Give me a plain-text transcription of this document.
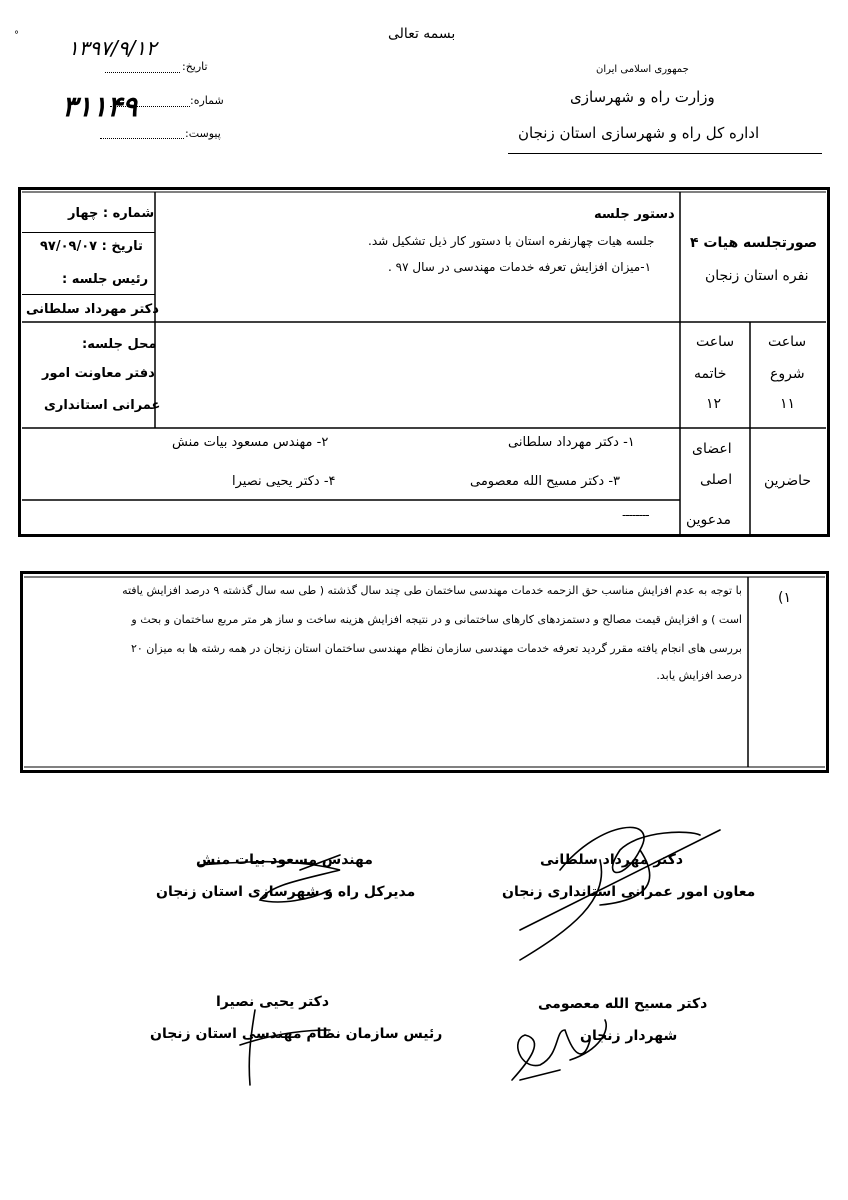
°	بسمه تعالی
۱۳۹۷/۹/۱۲
تاریخ:
۳۱۱۴۹	شماره:
پیوست:
جمهوری اسلامی ایران
وزارت راه و شهرسازی
اداره کل راه و شهرسازی استان زنجان
صورتجلسه هیات ۴
نفره استان زنجان
دستور جلسه
جلسه هیات چهارنفره استان با دستور کار ذیل تشکیل شد.
۱-میزان افزایش تعرفه خدمات مهندسی در سال ۹۷ .
شماره : چهار
تاریخ : ۹۷/۰۹/۰۷
رئیس جلسه :
دکتر مهرداد سلطانی
محل جلسه:
دفتر معاونت امور
عمرانی استانداری
ساعت
شروع
۱۱
ساعت
خاتمه
۱۲
حاضرین
اعضای
اصلی
مدعوین
۱- دکتر مهرداد سلطانی
۲- مهندس مسعود بیات منش
۳- دکتر مسیح الله معصومی
۴- دکتر یحیی نصیرا
--------
۱)
با توجه به عدم افزایش مناسب حق الزحمه خدمات مهندسی ساختمان طی چند سال گذشته ( طی سه سال گذشته ۹ درصد افزایش یافته
است ) و افزایش قیمت مصالح و دستمزدهای کارهای ساختمانی و در نتیجه افزایش هزینه ساخت و ساز هر متر مربع ساختمان و بحث و
بررسی های انجام یافته مقرر گردید تعرفه خدمات مهندسی سازمان نظام مهندسی ساختمان استان زنجان در همه رشته ها به میزان ۲۰
درصد افزایش یابد.
دکتر مهرداد سلطانی
معاون امور عمرانی استانداری زنجان
مهندس مسعود بیات منش
مدیرکل راه و شهرسازی استان زنجان
دکتر مسیح الله معصومی
شهردار زنجان
دکتر یحیی نصیرا
رئیس سازمان نظام مهندسی استان زنجان
